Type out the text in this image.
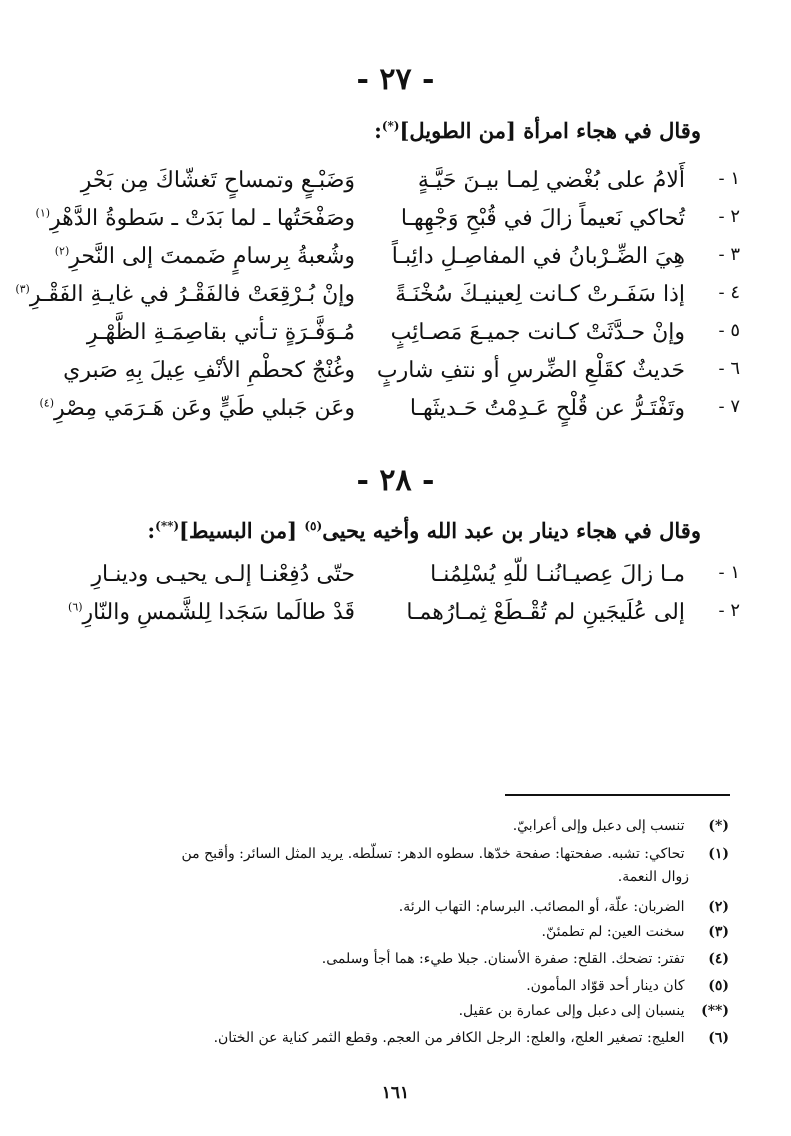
- ٢٧ -
وقال في هجاء امرأة [من الطويل](*):
١ -
أَلامُ على بُغْضي لِمـا بيـنَ حَيَّـةٍ
وَضَبْـعٍ وتمساحٍ تَغشّاكَ مِن بَحْرِ
٢ -
تُحاكي نَعيماً زالَ في قُبْحِ وَجْهِهـا
وصَفْحَتُها ـ لما بَدَتْ ـ سَطوةُ الدَّهْرِ$^{(١)}$
٣ -
هِيَ الضِّـرْبانُ في المفاصِـلِ دائِبـاً
وشُعبةُ بِرسامٍ ضَممتَ إلى النَّحرِ$^{(٢)}$
٤ -
إذا سَفَـرتْ كـانت لِعينيـكَ سُخْنَـةً
وإنْ بُـرْقِعَتْ فالفَقْـرُ في غايـةِ الفَقْـرِ$^{(٣)}$
٥ -
وإنْ حـدَّثَتْ كـانت جميـعَ مَصـائِبٍ
مُـوَفَّـرَةٍ تـأتي بقاصِمَـةِ الظَّهْـرِ
٦ -
حَديثٌ كقَلْعِ الضِّرسِ أو نتفِ شاربٍ
وغُنْجٌ كحطْمِ الأنْفِ عِيلَ بِهِ صَبري
٧ -
وتَفْتَـرُّ عن قُلْحٍ عَـدِمْتُ حَـديثَهـا
وعَن جَبلي طَيٍّ وعَن هَـرَمَي مِصْرِ$^{(٤)}$
- ٢٨ -
وقال في هجاء دينار بن عبد الله وأخيه يحيى$^{(٥)}$ [من البسيط](**):
١ -
مـا زالَ عِصيـانُنـا للّهِ يُسْلِمُنـا
حتّى دُفِعْنـا إلـى يحيـى ودينـارِ
٢ -
إلى عُلَيجَينِ لم تُقْـطَعْ ثِمـارُهمـا
قَدْ طالَما سَجَدا لِلشَّمسِ والنّارِ$^{(٦)}$
(*) تنسب إلى دعبل وإلى أعرابيّ.
(١) تحاكي: تشبه. صفحتها: صفحة خدّها. سطوه الدهر: تسلّطه. يريد المثل السائر: وأقبح من
زوال النعمة.
(٢) الضربان: علّة، أو المصائب. البرسام: التهاب الرئة.
(٣) سخنت العين: لم تطمئنّ.
(٤) تفتر: تضحك. القلح: صفرة الأسنان. جبلا طيء: هما أجأ وسلمى.
(٥) كان دينار أحد قوّاد المأمون.
(**) ينسبان إلى دعبل وإلى عمارة بن عقيل.
(٦) العليج: تصغير العلج، والعلج: الرجل الكافر من العجم. وقطع الثمر كناية عن الختان.
١٦١
